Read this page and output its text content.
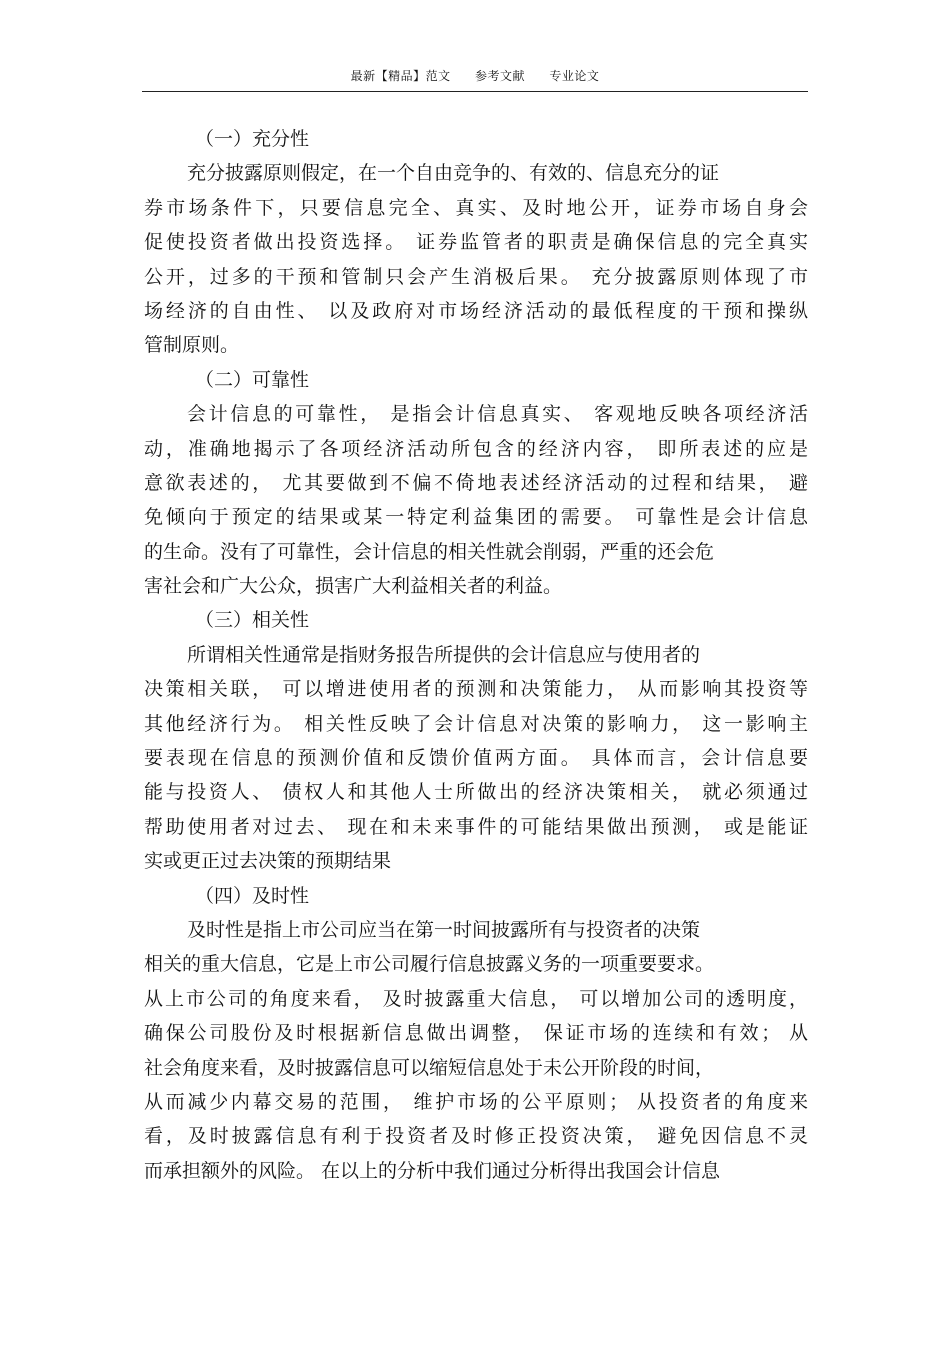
最新【精品】范文 参考文献 专业论文
（一）充分性
充分披露原则假定，在一个自由竞争的、有效的、信息充分的证
券市场条件下，只要信息完全、真实、及时地公开，证券市场自身会
促使投资者做出投资选择。 证券监管者的职责是确保信息的完全真实
公开，过多的干预和管制只会产生消极后果。 充分披露原则体现了市
场经济的自由性、 以及政府对市场经济活动的最低程度的干预和操纵
管制原则。
（二）可靠性
会计信息的可靠性， 是指会计信息真实、 客观地反映各项经济活
动，准确地揭示了各项经济活动所包含的经济内容， 即所表述的应是
意欲表述的， 尤其要做到不偏不倚地表述经济活动的过程和结果， 避
免倾向于预定的结果或某一特定利益集团的需要。 可靠性是会计信息
的生命。没有了可靠性，会计信息的相关性就会削弱，严重的还会危
害社会和广大公众，损害广大利益相关者的利益。
（三）相关性
所谓相关性通常是指财务报告所提供的会计信息应与使用者的
决策相关联， 可以增进使用者的预测和决策能力， 从而影响其投资等
其他经济行为。 相关性反映了会计信息对决策的影响力， 这一影响主
要表现在信息的预测价值和反馈价值两方面。 具体而言，会计信息要
能与投资人、 债权人和其他人士所做出的经济决策相关， 就必须通过
帮助使用者对过去、 现在和未来事件的可能结果做出预测， 或是能证
实或更正过去决策的预期结果
（四）及时性
及时性是指上市公司应当在第一时间披露所有与投资者的决策
相关的重大信息，它是上市公司履行信息披露义务的一项重要要求。
从上市公司的角度来看， 及时披露重大信息， 可以增加公司的透明度，
确保公司股份及时根据新信息做出调整， 保证市场的连续和有效； 从
社会角度来看，及时披露信息可以缩短信息处于未公开阶段的时间，
从而减少内幕交易的范围， 维护市场的公平原则； 从投资者的角度来
看，及时披露信息有利于投资者及时修正投资决策， 避免因信息不灵
而承担额外的风险。 在以上的分析中我们通过分析得出我国会计信息
